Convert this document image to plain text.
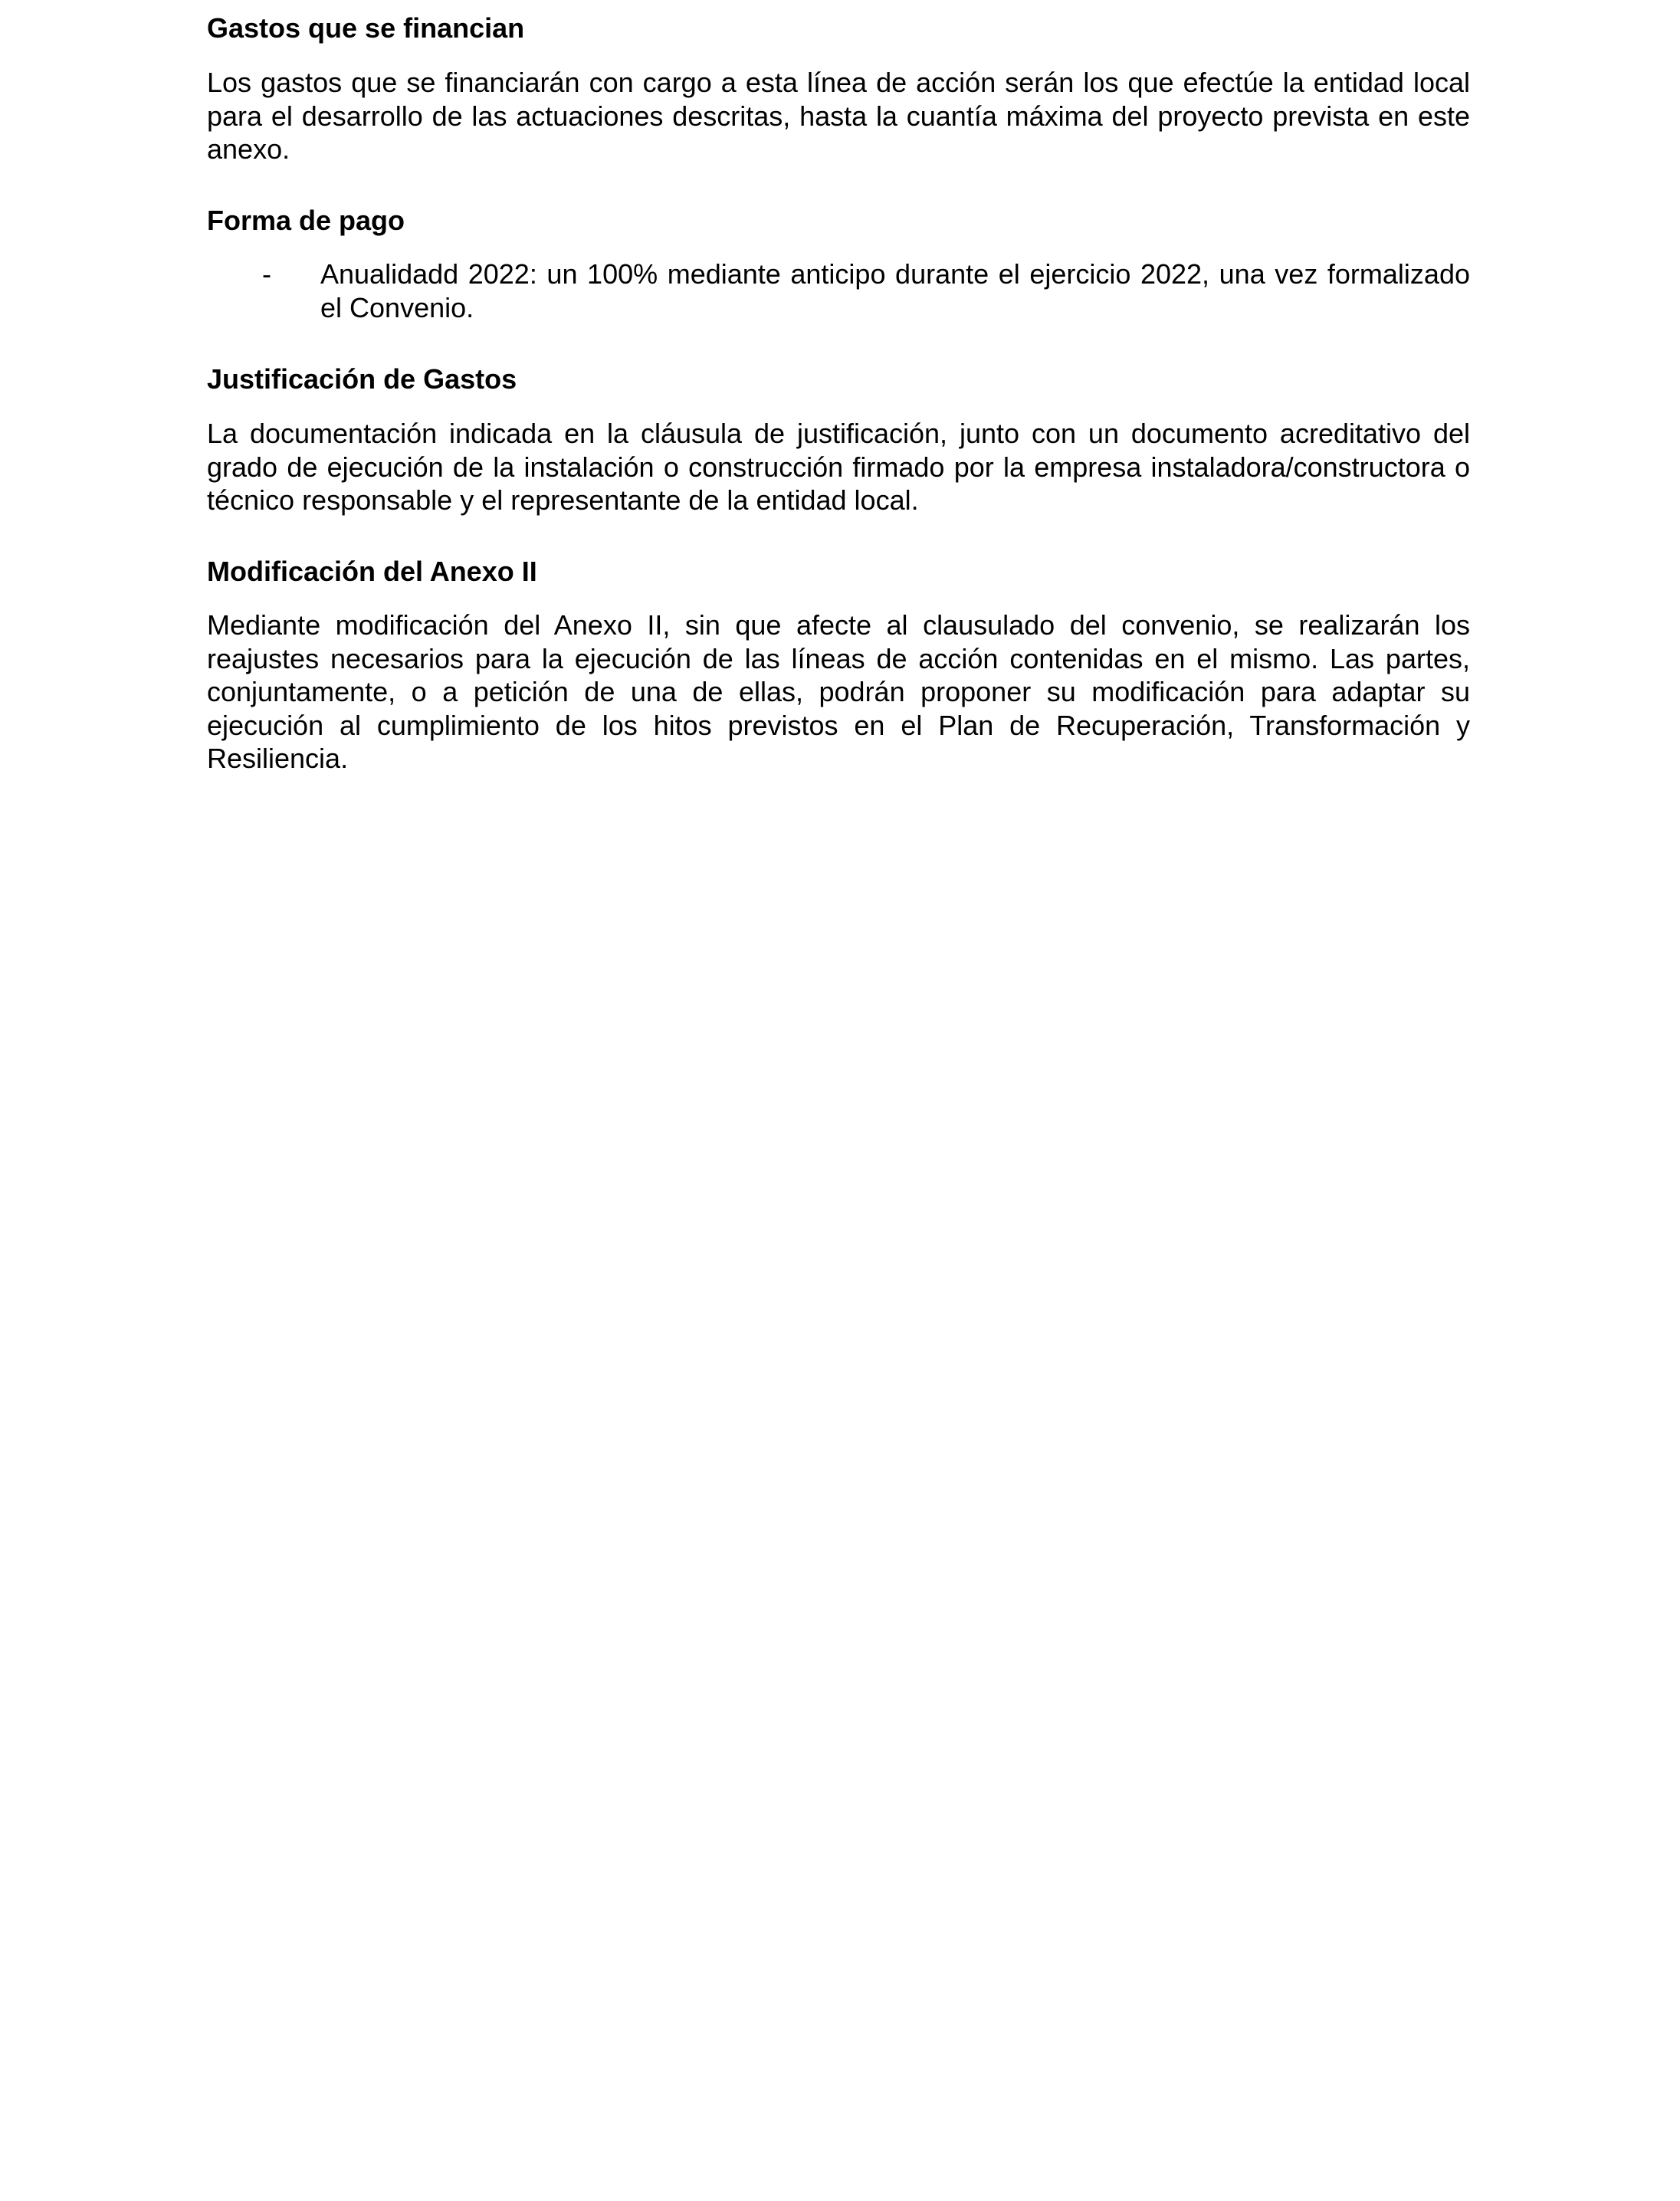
Gastos que se financian

Los gastos que se financiarán con cargo a esta línea de acción serán los que efectúe la entidad local para el desarrollo de las actuaciones descritas, hasta la cuantía máxima del proyecto prevista en este anexo.

Forma de pago
- Anualidadd 2022: un 100% mediante anticipo durante el ejercicio 2022, una vez formalizado el Convenio.
Justificación de Gastos

La documentación indicada en la cláusula de justificación, junto con un documento acreditativo del grado de ejecución de la instalación o construcción firmado por la empresa instaladora/constructora o técnico responsable y el representante de la entidad local.

Modificación del Anexo II

Mediante modificación del Anexo II, sin que afecte al clausulado del convenio, se realizarán los reajustes necesarios para la ejecución de las líneas de acción contenidas en el mismo. Las partes, conjuntamente, o a petición de una de ellas, podrán proponer su modificación para adaptar su ejecución al cumplimiento de los hitos previstos en el Plan de Recuperación, Transformación y Resiliencia.
